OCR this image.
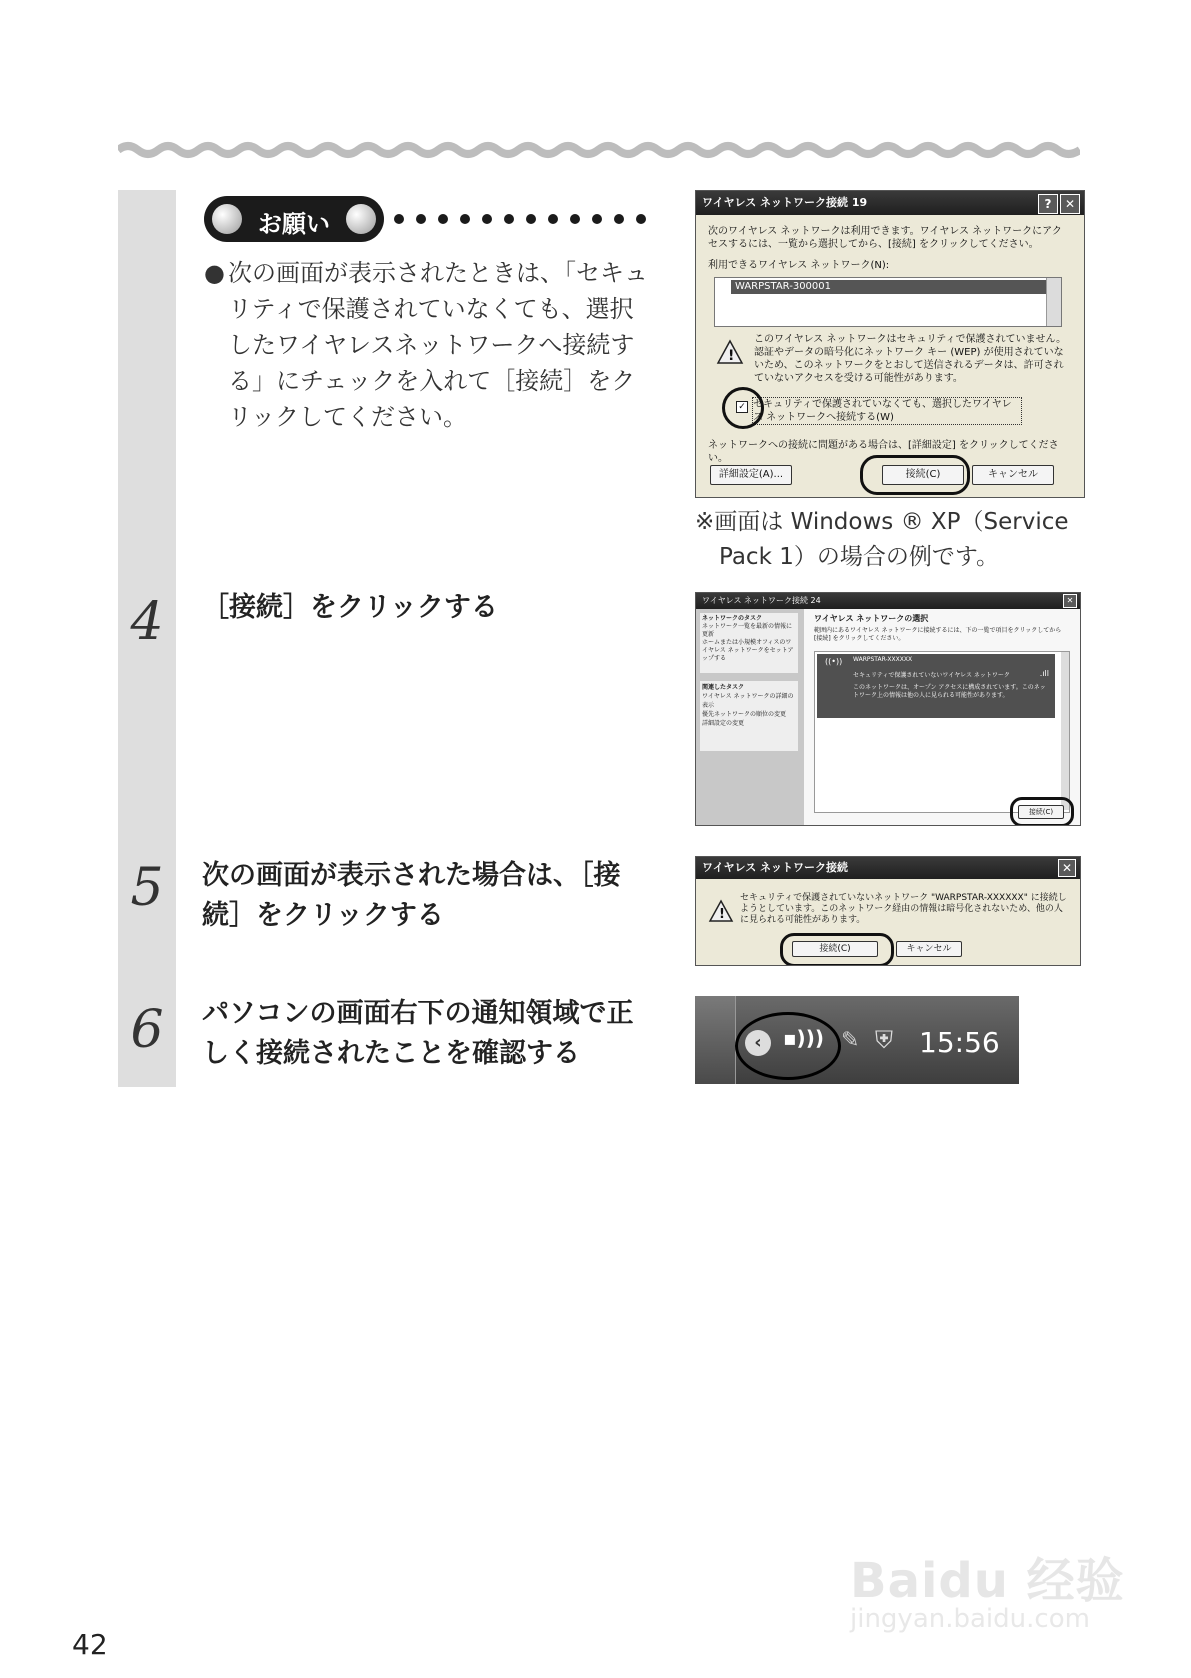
お願い
● 次の画面が表示されたときは、「セキュリティで保護されていなくても、選択したワイヤレスネットワークへ接続する」にチェックを入れて［接続］をクリックしてください。
ワイヤレス ネットワーク接続 19	?	✕
次のワイヤレス ネットワークは利用できます。ワイヤレス ネットワークにアクセスするには、一覧から選択してから、[接続] をクリックしてください。
利用できるワイヤレス ネットワーク(N):
WARPSTAR-300001
!
このワイヤレス ネットワークはセキュリティで保護されていません。認証やデータの暗号化にネットワーク キー (WEP) が使用されていないため、このネットワークをとおして送信されるデータは、許可されていないアクセスを受ける可能性があります。
✓ セキュリティで保護されていなくても、選択したワイヤレス ネットワークへ接続する(W)
ネットワークへの接続に問題がある場合は、[詳細設定] をクリックしてください。
詳細設定(A)...	接続(C)	キャンセル
※画面は Windows ® XP（Service
Pack 1）の場合の例です。
4	［接続］をクリックする	ワイヤレス ネットワーク接続 24	✕
ネットワークのタスク
ネットワーク一覧を最新の情報に更新
ホームまたは小規模オフィスのワイヤレス ネットワークをセットアップする
関連したタスク
ワイヤレス ネットワークの詳細の表示
優先ネットワークの順位の変更
詳細設定の変更
ワイヤレス ネットワークの選択
範囲内にあるワイヤレス ネットワークに接続するには、下の一覧で項目をクリックしてから [接続] をクリックしてください。
((•)) WARPSTAR-XXXXXX
セキュリティで保護されていないワイヤレス ネットワーク
このネットワークは、オープン アクセスに構成されています。このネットワーク上の情報は他の人に見られる可能性があります。
.ıll
接続(C)
5	次の画面が表示された場合は、［接続］をクリックする
ワイヤレス ネットワーク接続	✕
!
セキュリティで保護されていないネットワーク "WARPSTAR-XXXXXX" に接続しようとしています。このネットワーク経由の情報は暗号化されないため、他の人に見られる可能性があります。
接続(C)	キャンセル
6	パソコンの画面右下の通知領域で正しく接続されたことを確認する	‹	▪))) ✎ ⛨ 15:56
42
Baidu 经验
jingyan.baidu.com
